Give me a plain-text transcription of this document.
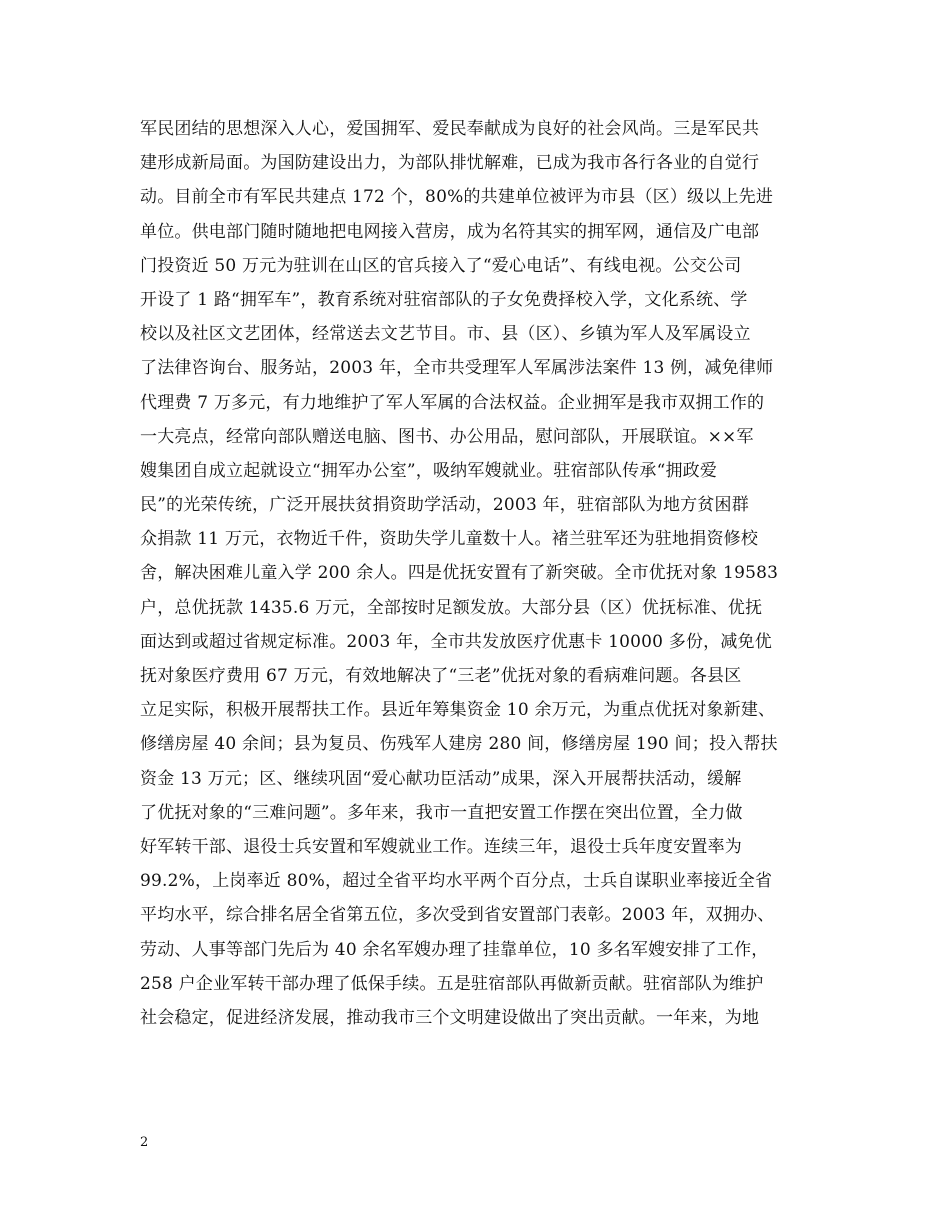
军民团结的思想深入人心，爱国拥军、爱民奉献成为良好的社会风尚。三是军民共
建形成新局面。为国防建设出力，为部队排忧解难，已成为我市各行各业的自觉行
动。目前全市有军民共建点 172 个，80%的共建单位被评为市县（区）级以上先进
单位。供电部门随时随地把电网接入营房，成为名符其实的拥军网，通信及广电部
门投资近 50 万元为驻训在山区的官兵接入了“爱心电话”、有线电视。公交公司
开设了 1 路“拥军车”，教育系统对驻宿部队的子女免费择校入学，文化系统、学
校以及社区文艺团体，经常送去文艺节目。市、县（区）、乡镇为军人及军属设立
了法律咨询台、服务站，2003 年，全市共受理军人军属涉法案件 13 例，减免律师
代理费 7 万多元，有力地维护了军人军属的合法权益。企业拥军是我市双拥工作的
一大亮点，经常向部队赠送电脑、图书、办公用品，慰问部队，开展联谊。××军
嫂集团自成立起就设立“拥军办公室”，吸纳军嫂就业。驻宿部队传承“拥政爱
民”的光荣传统，广泛开展扶贫捐资助学活动，2003 年，驻宿部队为地方贫困群
众捐款 11 万元，衣物近千件，资助失学儿童数十人。褚兰驻军还为驻地捐资修校
舍，解决困难儿童入学 200 余人。四是优抚安置有了新突破。全市优抚对象 19583
户，总优抚款 1435.6 万元，全部按时足额发放。大部分县（区）优抚标准、优抚
面达到或超过省规定标准。2003 年，全市共发放医疗优惠卡 10000 多份，减免优
抚对象医疗费用 67 万元，有效地解决了“三老”优抚对象的看病难问题。各县区
立足实际，积极开展帮扶工作。县近年筹集资金 10 余万元，为重点优抚对象新建、
修缮房屋 40 余间；县为复员、伤残军人建房 280 间，修缮房屋 190 间；投入帮扶
资金 13 万元；区、继续巩固“爱心献功臣活动”成果，深入开展帮扶活动，缓解
了优抚对象的“三难问题”。多年来，我市一直把安置工作摆在突出位置，全力做
好军转干部、退役士兵安置和军嫂就业工作。连续三年，退役士兵年度安置率为
99.2%，上岗率近 80%，超过全省平均水平两个百分点，士兵自谋职业率接近全省
平均水平，综合排名居全省第五位，多次受到省安置部门表彰。2003 年，双拥办、
劳动、人事等部门先后为 40 余名军嫂办理了挂靠单位，10 多名军嫂安排了工作，
258 户企业军转干部办理了低保手续。五是驻宿部队再做新贡献。驻宿部队为维护
社会稳定，促进经济发展，推动我市三个文明建设做出了突出贡献。一年来，为地
2
